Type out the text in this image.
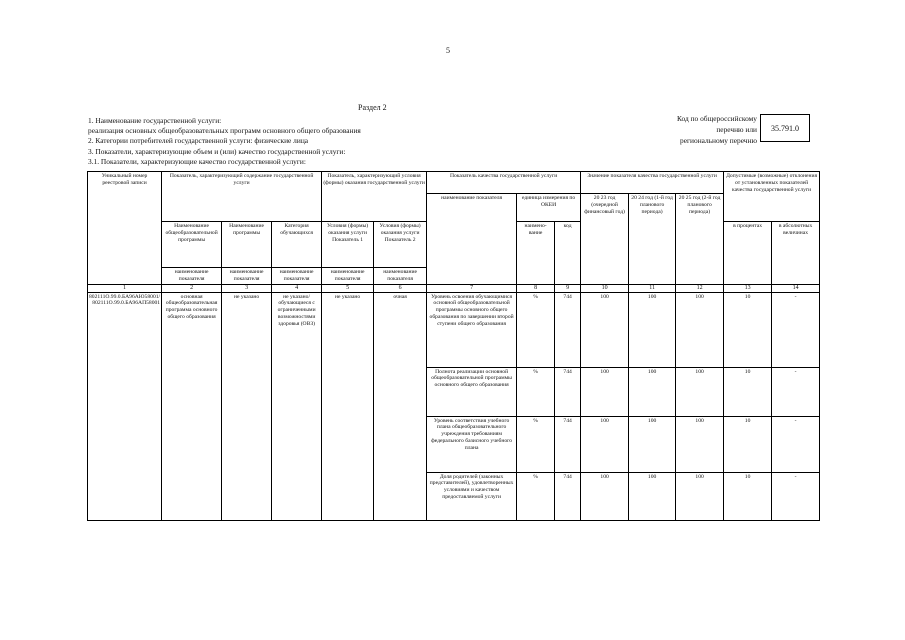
5
Раздел 2
1. Наименование государственной услуги:
реализация основных общеобразовательных программ основного общего образования
2. Категории потребителей государственной услуги: физические лица
3. Показатели, характеризующие объем и (или) качество государственной услуги:
3.1. Показатели, характеризующие качество государственной услуги:
Код по общероссийскому
перечню или
региональному перечню
35.791.0
Уникальный номер реестровой записи	Показатель, характеризующий содержание государственной услуги			Показатель, характеризующий условия (формы) оказания государственной услуги		Показатель качества государственной услуги			Значение показателя качества государственной услуги			Допустимые (возможные) отклонения от установленных показателей качества государственной услуги	
						наименование показателя	единица измерения по ОКЕИ		20 23 год (очередной финансовый год)	20 24 год (1-й год планового периода)	20 25 год (2-й год планового периода)		
	Наименование общеобразовательной программы	Наименование программы	Категория обучающихся	Условия (формы) оказания услуги Показатель 1	Условия (формы) оказания услуги Показатель 2		наимено-вание	код				в процентах	в абсолютных величинах
	наименование показателя	наименование показателя	наименование показателя	наименование показателя	наименование показателя								
1	2	3	4	5	6	7	8	9	10	11	12	13	14
802111О.99.0.БА96АЮ58001/ 802111О.99.0.БА96АП58001	основная общеобразовательная программа основного общего образования	не указано	не указано/ обучающиеся с ограниченными возможностями здоровья (ОВЗ)	не указано	очная	Уровень освоения обучающимися основной общеобразовательной программы основного общего образования по завершении второй ступени общего образования	%	744	100	100	100	10	-
						Полнота реализации основной общеобразовательной программы основного общего образования	%	744	100	100	100	10	-
						Уровень соответствия учебного плана общеобразовательного учреждения требованиям федерального базисного учебного плана	%	744	100	100	100	10	-
						Доля родителей (законных представителей), удовлетворенных условиями и качеством предоставляемой услуги	%	744	100	100	100	10	-
